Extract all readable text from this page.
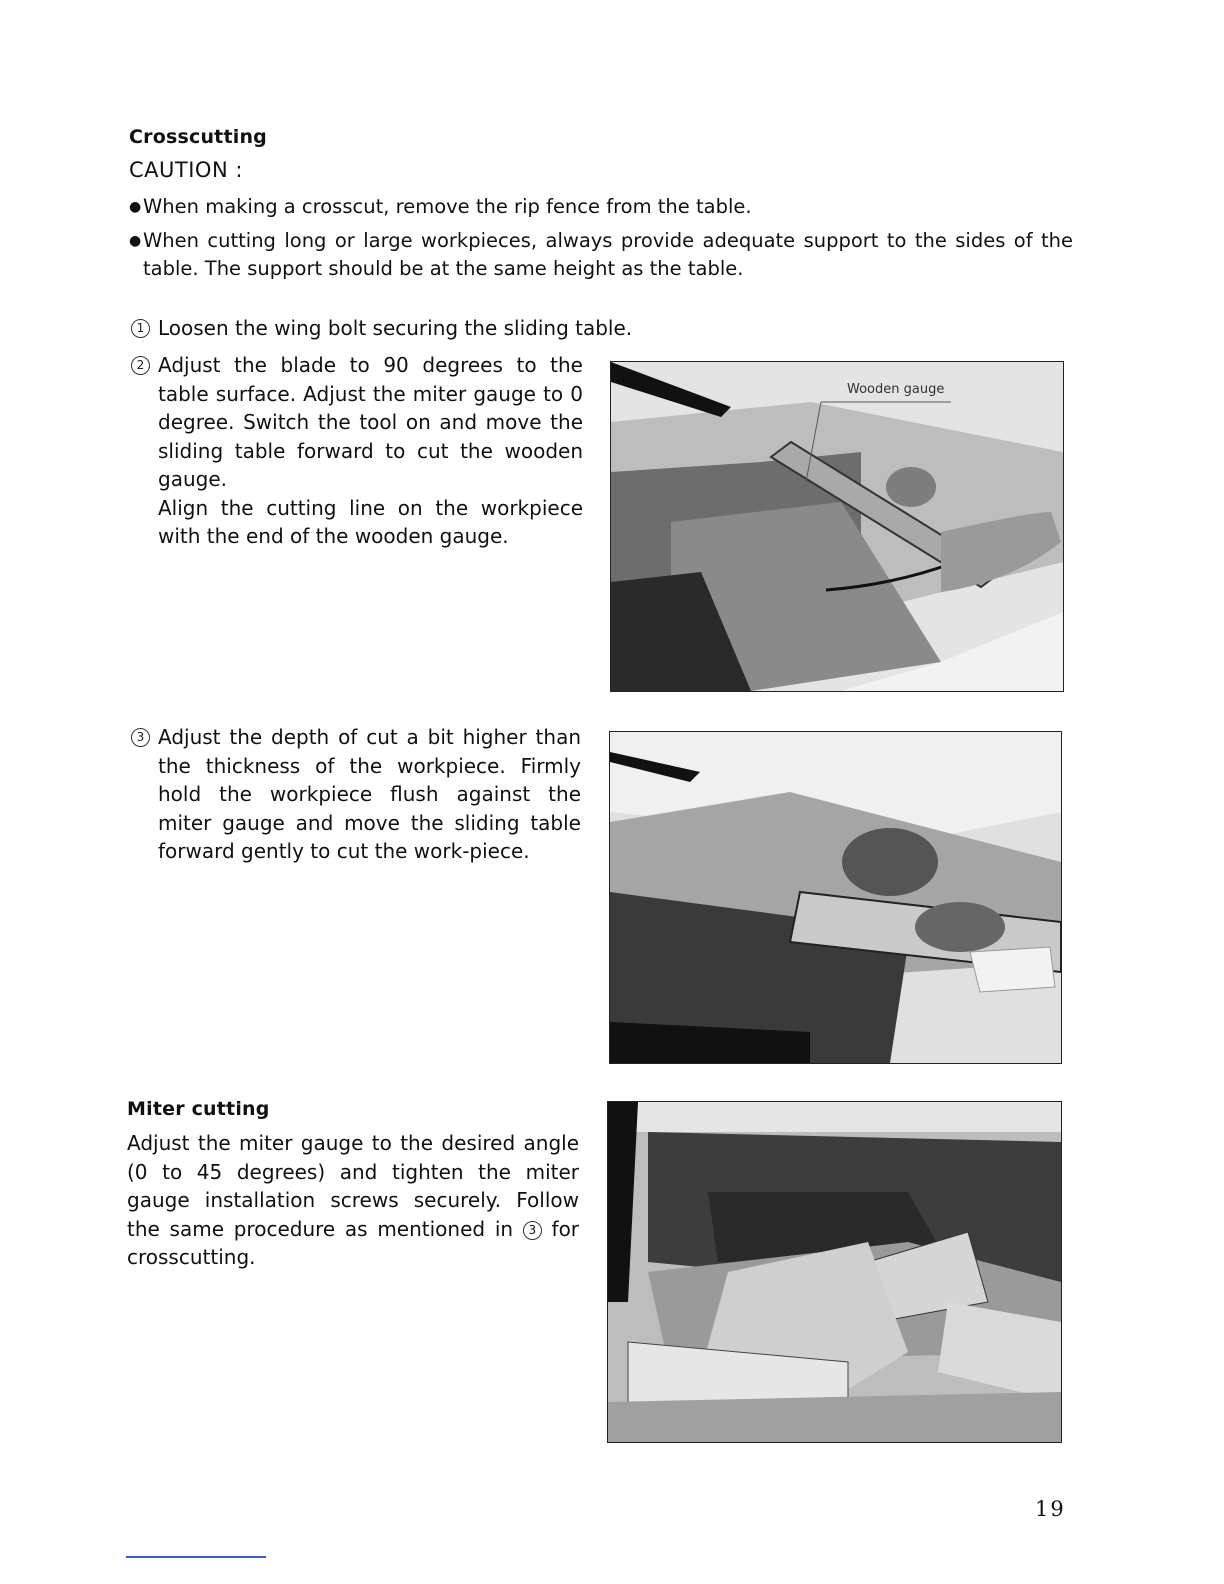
Crosscutting
CAUTION :
● When making a crosscut, remove the rip fence from the table.
● When cutting long or large workpieces, always provide adequate support to the sides of the table. The support should be at the same height as the table.
1 Loosen the wing bolt securing the sliding table.
2 Adjust the blade to 90 degrees to the table surface. Adjust the miter gauge to 0 degree. Switch the tool on and move the sliding table forward to cut the wooden gauge.
Align the cutting line on the workpiece with the end of the wooden gauge.
Wooden gauge
3 Adjust the depth of cut a bit higher than the thickness of the workpiece. Firmly hold the workpiece flush against the miter gauge and move the sliding table forward gently to cut the work-piece.
Miter cutting
Adjust the miter gauge to the desired angle (0 to 45 degrees) and tighten the miter gauge installation screws securely. Follow the same procedure as mentioned in 3 for crosscutting.
19
